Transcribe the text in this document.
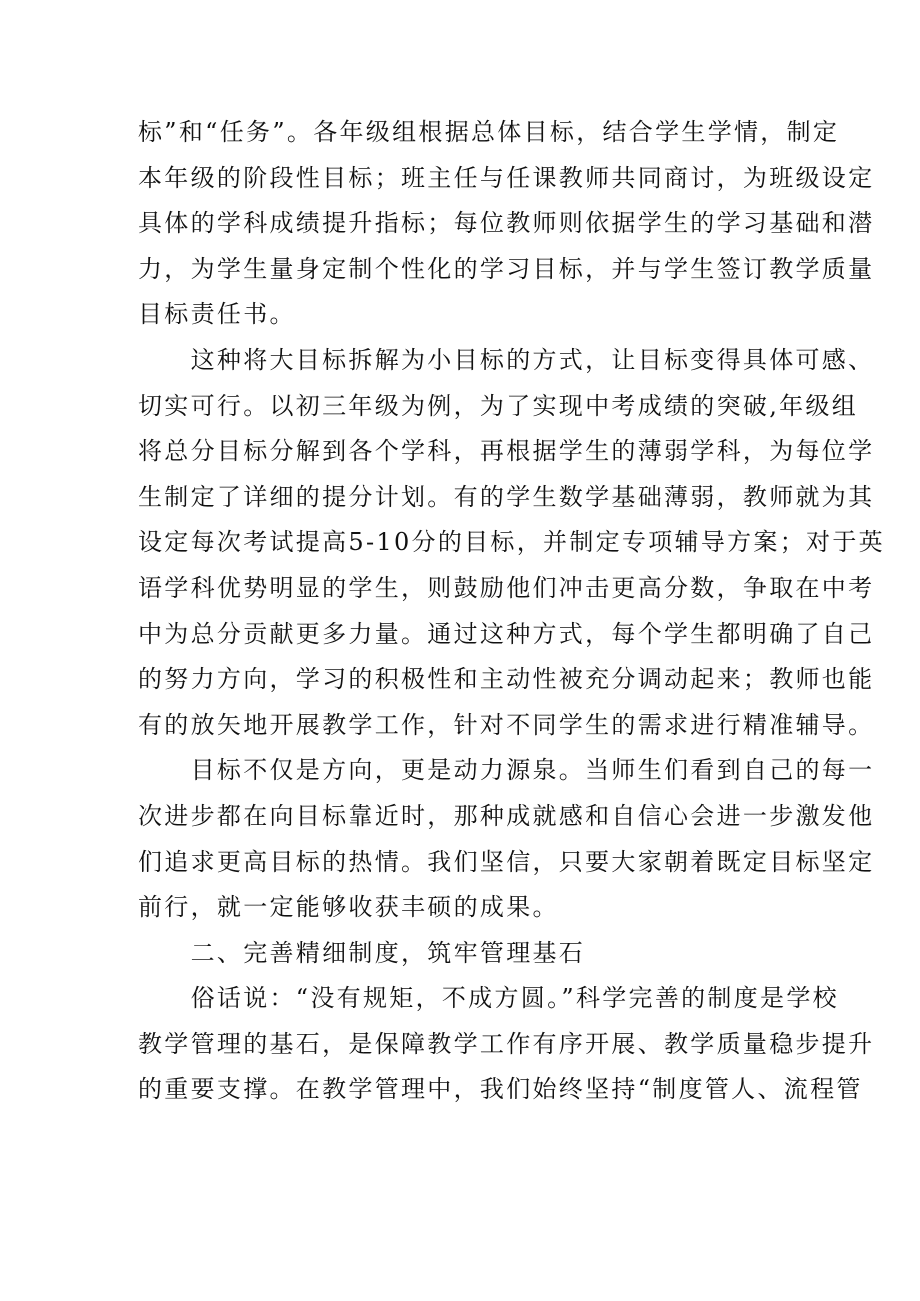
标”和“任务”。各年级组根据总体目标，结合学生学情，制定
本年级的阶段性目标；班主任与任课教师共同商讨，为班级设定
具体的学科成绩提升指标；每位教师则依据学生的学习基础和潜
力，为学生量身定制个性化的学习目标，并与学生签订教学质量
目标责任书。
　　这种将大目标拆解为小目标的方式，让目标变得具体可感、
切实可行。以初三年级为例，为了实现中考成绩的突破,年级组
将总分目标分解到各个学科，再根据学生的薄弱学科，为每位学
生制定了详细的提分计划。有的学生数学基础薄弱，教师就为其
设定每次考试提高5-10分的目标，并制定专项辅导方案；对于英
语学科优势明显的学生，则鼓励他们冲击更高分数，争取在中考
中为总分贡献更多力量。通过这种方式，每个学生都明确了自己
的努力方向，学习的积极性和主动性被充分调动起来；教师也能
有的放矢地开展教学工作，针对不同学生的需求进行精准辅导。
　　目标不仅是方向，更是动力源泉。当师生们看到自己的每一
次进步都在向目标靠近时，那种成就感和自信心会进一步激发他
们追求更高目标的热情。我们坚信，只要大家朝着既定目标坚定
前行，就一定能够收获丰硕的成果。
　　二、完善精细制度，筑牢管理基石
　　俗话说：“没有规矩，不成方圆。”科学完善的制度是学校
教学管理的基石，是保障教学工作有序开展、教学质量稳步提升
的重要支撑。在教学管理中，我们始终坚持“制度管人、流程管
